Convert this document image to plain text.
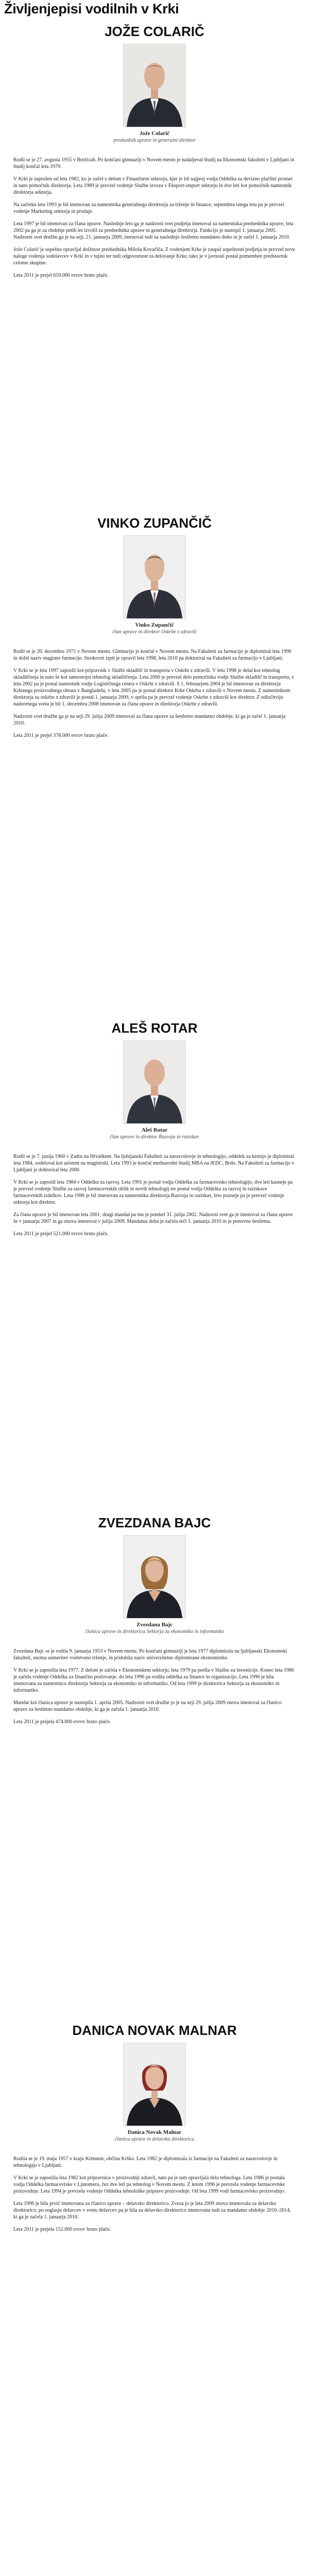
Življenjepisi vodilnih v Krki
JOŽE COLARIČ
Jože Colarič
predsednik uprave in generalni direktor

Rodil se je 27. avgusta 1955 v Brežicah. Po končani gimnaziji v Novem mestu je nadaljeval študij na Ekonomski fakulteti v Ljubljani in študij končal leta 1979.

V Krki je zaposlen od leta 1982, ko je začel z delom v Finančnem sektorju, kjer je bil najprej vodja Oddelka za devizno plačilni promet in nato pomočnik direktorja. Leta 1989 je prevzel vodenje Službe izvoza v Eksport-import sektorju in dve leti kot pomočnik namestnik direktorja sektorja.

Na začetku leta 1993 je bil imenovan za namestnika generalnega direktorja za trženje in finance, septembra istega leta pa je prevzel vodenje Marketing sektorja in prodaje.

Leta 1997 je bil imenovan za člana uprave. Naslednje leto ga je nadzorni svet podjetja imenoval za namestnika predsednika uprave, leta 2002 pa ga je za obdobje petih let izvolil za predsednika uprave in generalnega direktorja. Funkcijo je nastopil 1. januarja 2005. Nadzorni svet družbe ga je na seji, 21. januarja 2009, imenoval tudi za naslednjo šestletno mandatno dobo in je začel 1. januarja 2010.

Jože Colarič je uspešno opravljal dolžnost predsednika Miloša Kovačiča. Z vodenjem Krke je zaupal uspešnosti podjetja in prevzel nove naloge vodenja sodelavcev v Krki in v tujini ter tudi odgovornost za delovanje Krke, tako je v javnosti postal pomemben predstavnik celotne skupine.

Leta 2011 je prejel 659.000 evrov bruto plače.

VINKO ZUPANČIČ
Vinko Zupančič
član uprave in direktor Oskrbe z zdravili

Rodil se je 20. decembra 1971 v Novem mestu. Gimnazijo je končal v Novem mestu. Na Fakulteti za farmacijo je diplomiral leta 1996 in dobil naziv magister farmacije. Strokovni izpit je opravil leta 1998, leta 2010 pa doktoriral na Fakulteti za farmacijo v Ljubljani.

V Krki se je leta 1997 zaposlil kot pripravnik v Službi skladišč in transporta v Oskrbi z zdravili. V letu 1998 je delal kot tehnolog skladiščenja in nato še kot samostojni tehnolog skladiščenja. Leta 2000 je prevzel delo pomočnika vodje Službe skladišč in transporta, v letu 2002 pa je postal namestnik vodje Logističnega centra v Oskrbi z zdravili. S 1. februarjem 2004 je bil imenovan za direktorja Krkinega proizvodnega obrata v Bangladešu, v letu 2005 pa je postal direktor Krke Oskrba z zdravili v Novem mestu. Z namestnikom direktorja za oskrbo z zdravili je postal 1. januarja 2009, v aprilu pa je prevzel vodenje Oskrbe z zdravili kot direktor. Z odločitvijo nadzornega sveta je bil 1. decembra 2008 imenovan za člana uprave in direktorja Oskrbe z zdravili.

Nadzorni svet družbe ga je na seji 29. julija 2009 imenoval za člana uprave za šestletno mandatno obdobje, ki ga je začel 1. januarja 2010.

Leta 2011 je prejel 378.000 evrov bruto plače.

ALEŠ ROTAR
Aleš Rotar
član uprave in direktor Razvoja in raziskav

Rodil se je 7. junija 1960 v Zadru na Hrvaškem. Na ljubljanski Fakulteti za naravoslovje in tehnologijo, oddelek za kemijo je diplomiral leta 1984, sodeloval kot asistent na magistrski. Leta 1993 je končal mednarodni študij MBA na IEDC, Brdo. Na Fakulteti za farmacijo v Ljubljani je doktoriral leta 2000.

V Krki se je zaposlil leta 1984 v Oddelku za razvoj. Leta 1991 je postal vodja Oddelka za farmacevtsko tehnologijo, dve leti kasneje pa je prevzel vodenje Službe za razvoj farmacevtskih oblik in novih tehnologij ter postal vodja Oddelka za razvoj in raziskave farmacevtskih izdelkov. Leta 1996 je bil imenovan za namestnika direktorja Razvoja in raziskav, leto pozneje pa je prevzel vodenje sektorja kot direktor.

Za člana uprave je bil imenovan leta 2001, drugi mandat pa mu je potekel 31. julija 2002. Nadzorni svet ga je imenoval za člana uprave še v januarju 2007 in ga znova imenoval v juliju 2009. Mandatna doba je začela teči 1. januarja 2010 in je ponovno šestletna.

Leta 2011 je prejel 521.000 evrov bruto plače.

ZVEZDANA BAJC
Zvezdana Bajc
članica uprave in direktorica Sektorja za ekonomiko in informatiko

Zvezdana Bajc se je rodila 9. januarja 1953 v Novem mestu. Po končani gimnaziji je leta 1977 diplomirala na ljubljanski Ekonomski fakulteti, enotna usmeritev vodstveno trženje, in pridobila naziv univerzitetne diplomirane ekonomistke.

V Krki se je zaposlila leta 1977. Z delom je začela v Ekonomskem sektorju, leta 1979 pa prešla v Službo za investicije. Konec leta 1980 je začela vodenje Oddelka za finančno poslovanje, do leta 1996 pa vodila oddelka za finance in organizacijo. Leta 1996 je bila imenovana za namestnico direktorja Sektorja za ekonomiko in informatiko. Od leta 1999 je direktorica Sektorja za ekonomiko in informatiko.

Mandat kot članica uprave je nastopila 1. aprila 2005. Nadzorni svet družbe jo je na seji 29. julija 2009 znova imenoval za članico uprave za šestletno mandatno obdobje, ki ga je začela 1. januarja 2010.

Leta 2011 je prejela 474.000 evrov bruto plače.

DANICA NOVAK MALNAR
Danica Novak Malnar
članica uprave in delavska direktorica

Rodila se je 19. maja 1957 v kraju Krmnem, občina Krško. Leta 1982 je diplomirala iz farmacije na Fakulteti za naravoslovje in tehnologijo v Ljubljani.

V Krki se je zaposlila leta 1982 kot pripravnica v proizvodnji zdravil, nato pa je tam opravljala delo tehnologa. Leta 1986 je postala vodja Oddelka farmacevtske v Ljutomeru, čez dve leti pa tehnolog v Novem mestu. Z letom 1996 je prevzela vodenje farmacevtske proizvodnje. Leta 1994 je prevzela vodenje Oddelka tehnološke priprave proizvodnje. Od leta 1999 vodi farmacevtsko proizvodnjo.

Leta 1996 je bila prvič imenovana za članico uprave – delavsko direktorico. Zveza jo je leta 2009 znova imenovala za delavsko direktorico, po soglasju delavcev v svetu delavcev pa je bila za delavsko direktorico imenovana tudi za mandatno obdobje 2010–2014, ki ga je začela 1. januarja 2010.

Leta 2011 je prejela 152.000 evrov bruto plače.
